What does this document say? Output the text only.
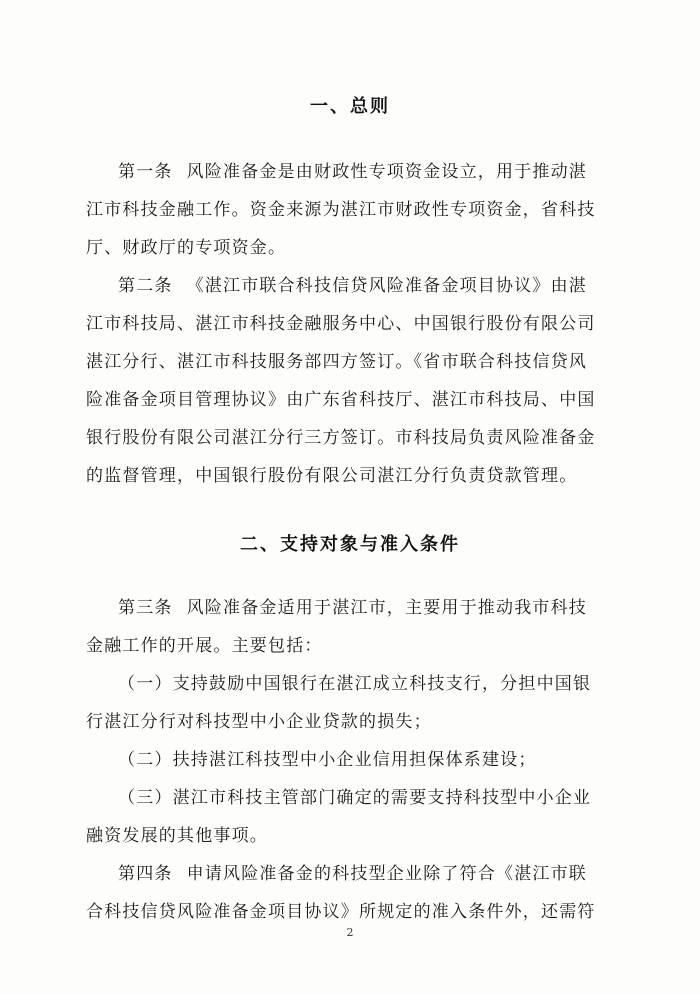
一、总则
第一条 风险准备金是由财政性专项资金设立，用于推动湛
江市科技金融工作。资金来源为湛江市财政性专项资金，省科技
厅、财政厅的专项资金。
第二条 《湛江市联合科技信贷风险准备金项目协议》由湛
江市科技局、湛江市科技金融服务中心、中国银行股份有限公司
湛江分行、湛江市科技服务部四方签订。《省市联合科技信贷风
险准备金项目管理协议》由广东省科技厅、湛江市科技局、中国
银行股份有限公司湛江分行三方签订。市科技局负责风险准备金
的监督管理，中国银行股份有限公司湛江分行负责贷款管理。
二、支持对象与准入条件
第三条 风险准备金适用于湛江市，主要用于推动我市科技
金融工作的开展。主要包括：
（一）支持鼓励中国银行在湛江成立科技支行，分担中国银
行湛江分行对科技型中小企业贷款的损失；
（二）扶持湛江科技型中小企业信用担保体系建设；
（三）湛江市科技主管部门确定的需要支持科技型中小企业
融资发展的其他事项。
第四条 申请风险准备金的科技型企业除了符合《湛江市联
合科技信贷风险准备金项目协议》所规定的准入条件外，还需符
2
